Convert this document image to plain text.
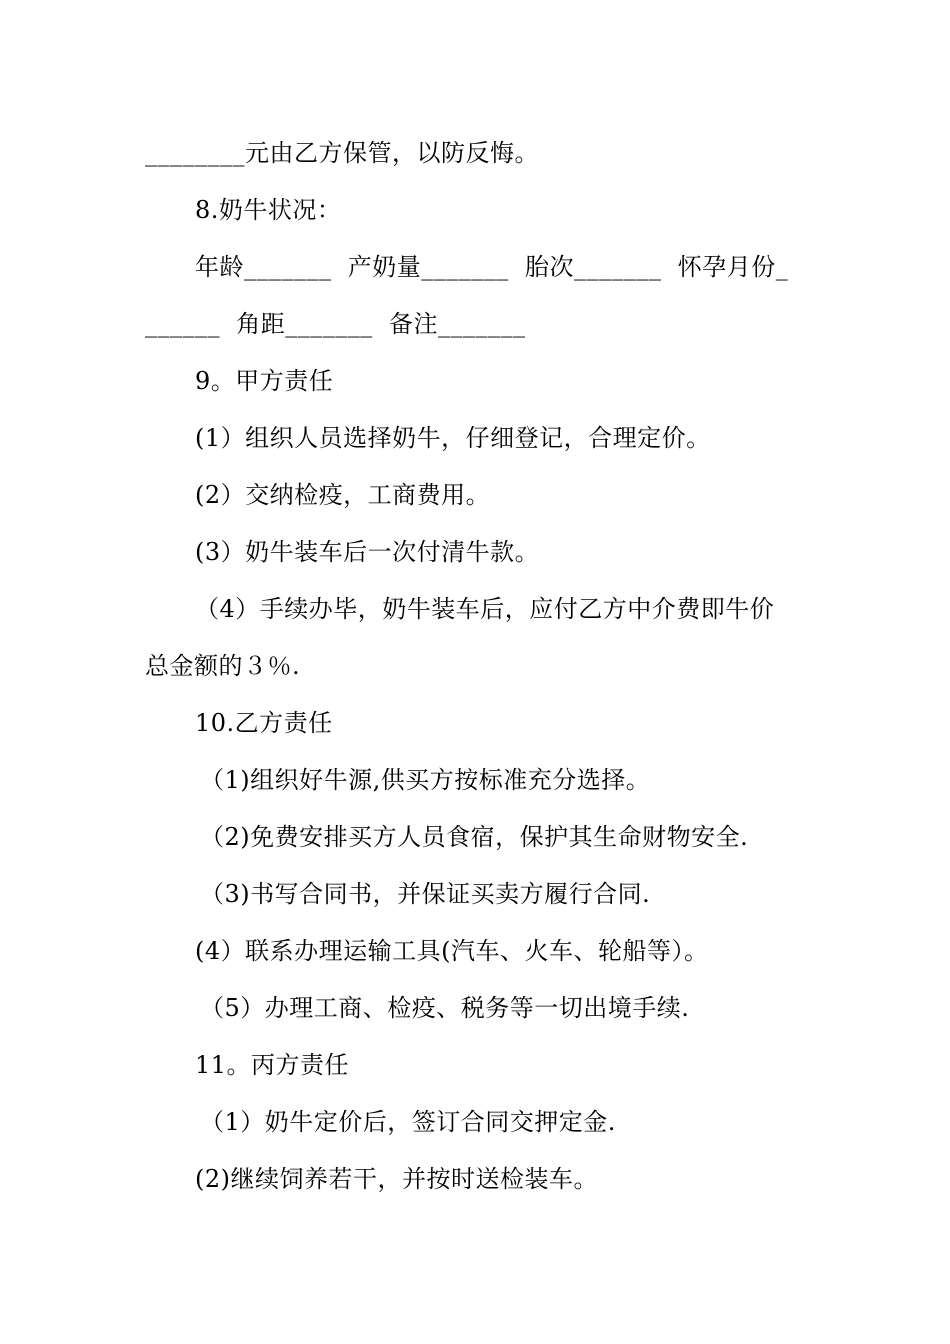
________元由乙方保管，以防反悔。
8.奶牛状况：
年龄_______  产奶量_______  胎次_______  怀孕月份_
______  角距_______  备注_______
9。甲方责任
(1）组织人员选择奶牛，仔细登记，合理定价。
(2）交纳检疫，工商费用。
(3）奶牛装车后一次付清牛款。
（4）手续办毕，奶牛装车后，应付乙方中介费即牛价
总金额的３％.
10.乙方责任
（1)组织好牛源,供买方按标准充分选择。
（2)免费安排买方人员食宿，保护其生命财物安全.
（3)书写合同书，并保证买卖方履行合同.
(4）联系办理运输工具(汽车、火车、轮船等）。
（5）办理工商、检疫、税务等一切出境手续.
11。丙方责任
（1）奶牛定价后，签订合同交押定金.
(2)继续饲养若干，并按时送检装车。
